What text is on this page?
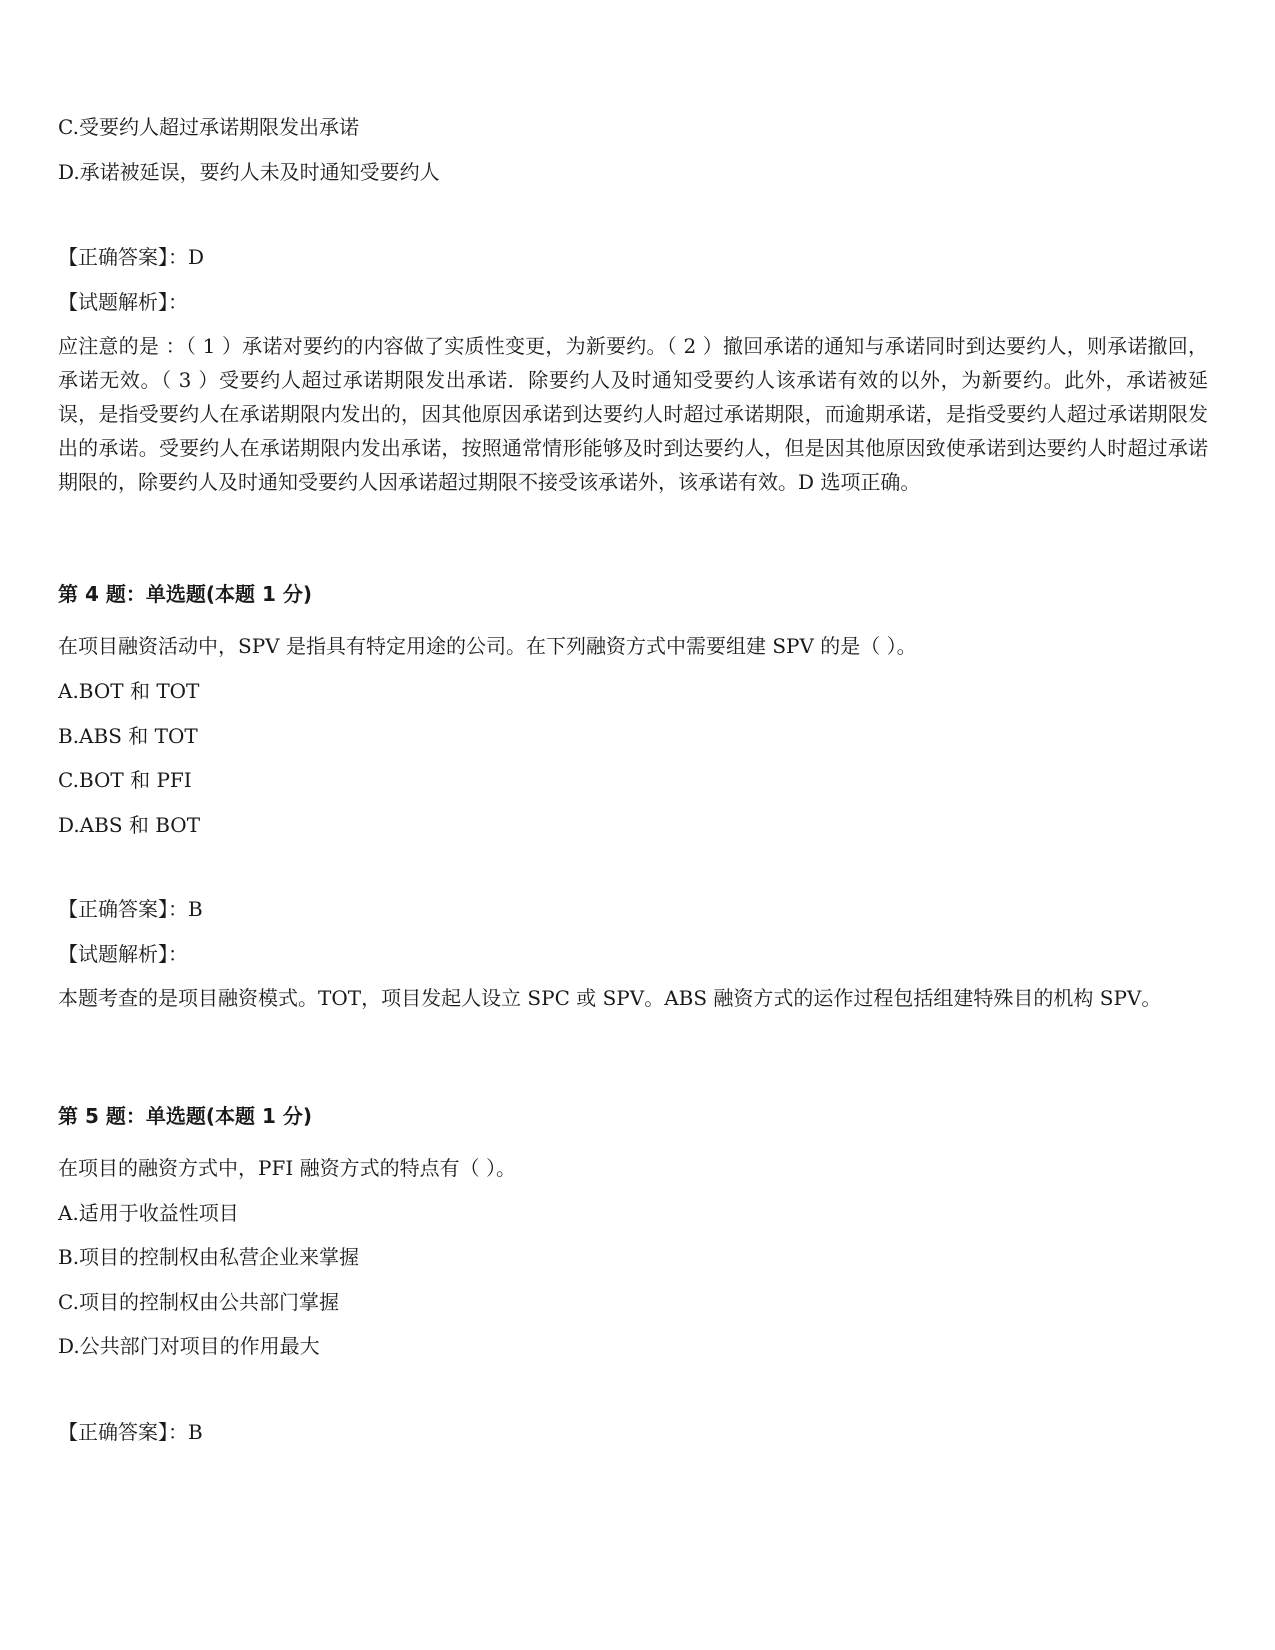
C.受要约人超过承诺期限发出承诺
D.承诺被延误，要约人未及时通知受要约人
【正确答案】：D
【试题解析】：
应注意的是 ：（ 1 ）承诺对要约的内容做了实质性变更，为新要约。（ 2 ）撤回承诺的通知与承诺同时到达要约人，则承诺撤回，承诺无效。（ 3 ）受要约人超过承诺期限发出承诺．除要约人及时通知受要约人该承诺有效的以外，为新要约。此外，承诺被延误，是指受要约人在承诺期限内发出的，因其他原因承诺到达要约人时超过承诺期限，而逾期承诺，是指受要约人超过承诺期限发出的承诺。受要约人在承诺期限内发出承诺，按照通常情形能够及时到达要约人，但是因其他原因致使承诺到达要约人时超过承诺期限的，除要约人及时通知受要约人因承诺超过期限不接受该承诺外，该承诺有效。D 选项正确。
第 4 题：单选题(本题 1 分)
在项目融资活动中，SPV 是指具有特定用途的公司。在下列融资方式中需要组建 SPV 的是（ ）。
A.BOT 和 TOT
B.ABS 和 TOT
C.BOT 和 PFI
D.ABS 和 BOT
【正确答案】：B
【试题解析】：
本题考查的是项目融资模式。TOT，项目发起人设立 SPC 或 SPV。ABS 融资方式的运作过程包括组建特殊目的机构 SPV。
第 5 题：单选题(本题 1 分)
在项目的融资方式中，PFI 融资方式的特点有（ ）。
A.适用于收益性项目
B.项目的控制权由私营企业来掌握
C.项目的控制权由公共部门掌握
D.公共部门对项目的作用最大
【正确答案】：B
